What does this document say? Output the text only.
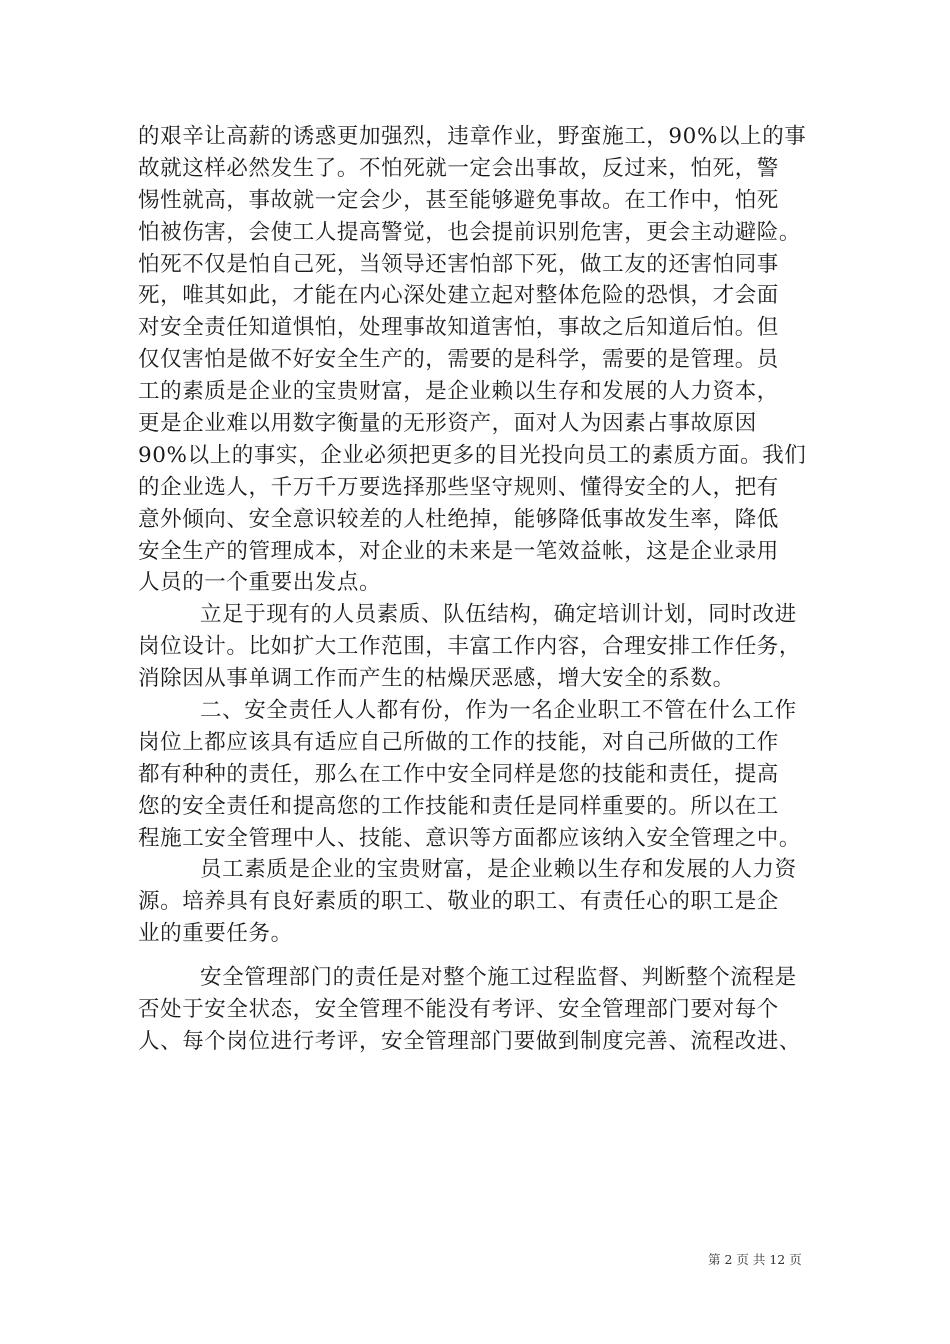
的艰辛让高薪的诱惑更加强烈，违章作业，野蛮施工，90%以上的事
故就这样必然发生了。不怕死就一定会出事故，反过来，怕死，警
惕性就高，事故就一定会少，甚至能够避免事故。在工作中，怕死
怕被伤害，会使工人提高警觉，也会提前识别危害，更会主动避险。
怕死不仅是怕自己死，当领导还害怕部下死，做工友的还害怕同事
死，唯其如此，才能在内心深处建立起对整体危险的恐惧，才会面
对安全责任知道惧怕，处理事故知道害怕，事故之后知道后怕。但
仅仅害怕是做不好安全生产的，需要的是科学，需要的是管理。员
工的素质是企业的宝贵财富，是企业赖以生存和发展的人力资本，
更是企业难以用数字衡量的无形资产，面对人为因素占事故原因
90%以上的事实，企业必须把更多的目光投向员工的素质方面。我们
的企业选人，千万千万要选择那些坚守规则、懂得安全的人，把有
意外倾向、安全意识较差的人杜绝掉，能够降低事故发生率，降低
安全生产的管理成本，对企业的未来是一笔效益帐，这是企业录用
人员的一个重要出发点。
立足于现有的人员素质、队伍结构，确定培训计划，同时改进
岗位设计。比如扩大工作范围，丰富工作内容，合理安排工作任务，
消除因从事单调工作而产生的枯燥厌恶感，增大安全的系数。
二、安全责任人人都有份，作为一名企业职工不管在什么工作
岗位上都应该具有适应自己所做的工作的技能，对自己所做的工作
都有种种的责任，那么在工作中安全同样是您的技能和责任，提高
您的安全责任和提高您的工作技能和责任是同样重要的。所以在工
程施工安全管理中人、技能、意识等方面都应该纳入安全管理之中。
员工素质是企业的宝贵财富，是企业赖以生存和发展的人力资
源。培养具有良好素质的职工、敬业的职工、有责任心的职工是企
业的重要任务。
安全管理部门的责任是对整个施工过程监督、判断整个流程是
否处于安全状态，安全管理不能没有考评、安全管理部门要对每个
人、每个岗位进行考评，安全管理部门要做到制度完善、流程改进、
第 2 页 共 12 页
